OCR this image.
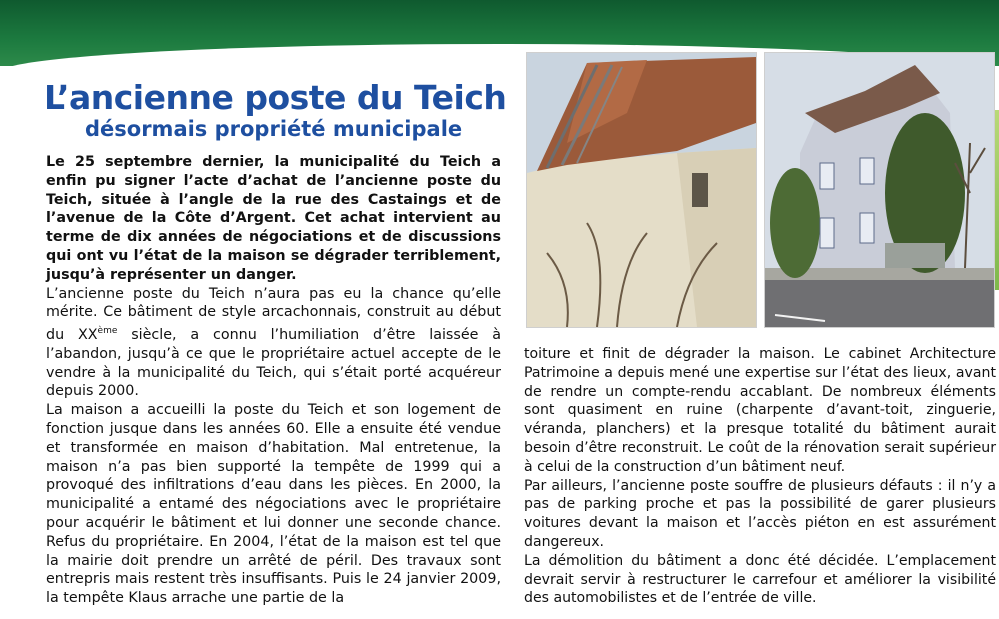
L’ancienne poste du Teich
désormais propriété municipale

Le 25 septembre dernier, la municipalité du Teich a enfin pu signer l’acte d’achat de l’ancienne poste du Teich, située à l’angle de la rue des Castaings et de l’avenue de la Côte d’Argent. Cet achat intervient au terme de dix années de négociations et de discussions qui ont vu l’état de la maison se dégrader terriblement, jusqu’à représenter un danger.

L’ancienne poste du Teich n’aura pas eu la chance qu’elle mérite. Ce bâtiment de style arcachonnais, construit au début du XXème siècle, a connu l’humiliation d’être laissée à l’abandon, jusqu’à ce que le propriétaire actuel accepte de le vendre à la municipalité du Teich, qui s’était porté acquéreur depuis 2000.

La maison a accueilli la poste du Teich et son logement de fonction jusque dans les années 60. Elle a ensuite été vendue et transformée en maison d’habitation. Mal entretenue, la maison n’a pas bien supporté la tempête de 1999 qui a provoqué des infiltrations d’eau dans les pièces. En 2000, la municipalité a entamé des négociations avec le propriétaire pour acquérir le bâtiment et lui donner une seconde chance. Refus du propriétaire. En 2004, l’état de la maison est tel que la mairie doit prendre un arrêté de péril. Des travaux sont entrepris mais restent très insuffisants. Puis le 24 janvier 2009, la tempête Klaus arrache une partie de la

toiture et finit de dégrader la maison. Le cabinet Architecture Patrimoine a depuis mené une expertise sur l’état des lieux, avant de rendre un compte-rendu accablant. De nombreux éléments sont quasiment en ruine (charpente d’avant-toit, zinguerie, véranda, planchers) et la presque totalité du bâtiment aurait besoin d’être reconstruit. Le coût de la rénovation serait supérieur à celui de la construction d’un bâtiment neuf.

Par ailleurs, l’ancienne poste souffre de plusieurs défauts : il n’y a pas de parking proche et pas la possibilité de garer plusieurs voitures devant la maison et l’accès piéton en est assurément dangereux.

La démolition du bâtiment a donc été décidée. L’emplacement devrait servir à restructurer le carrefour et améliorer la visibilité des automobilistes et de l’entrée de ville.
